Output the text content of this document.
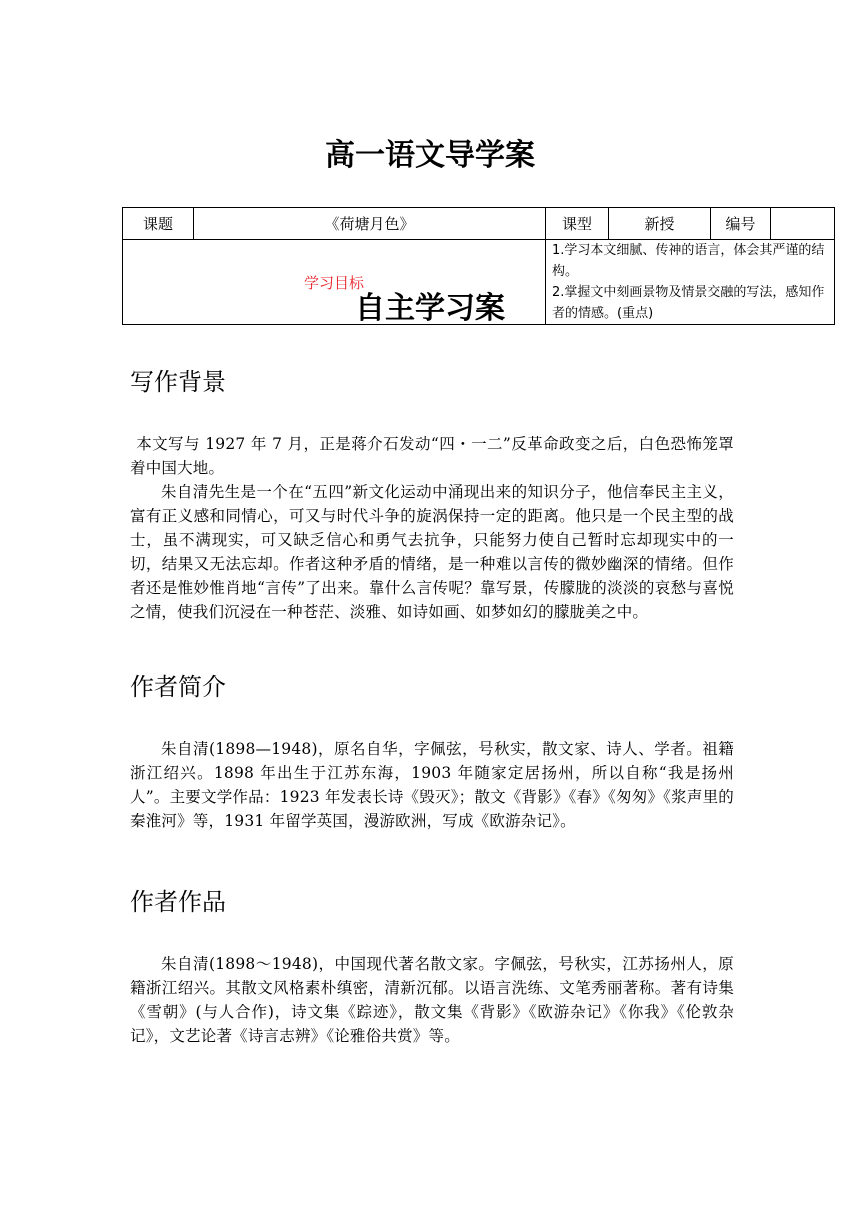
高一语文导学案
课题	《荷塘月色》	课型	新授	编号	
学习目标		1.学习本文细腻、传神的语言，体会其严谨的结构。
2.掌握文中刻画景物及情景交融的写法，感知作者的情感。(重点)			
自主学习案
写作背景

本文写与 1927 年 7 月，正是蒋介石发动“四・一二”反革命政变之后，白色恐怖笼罩着中国大地。

朱自清先生是一个在“五四”新文化运动中涌现出来的知识分子，他信奉民主主义，富有正义感和同情心，可又与时代斗争的旋涡保持一定的距离。他只是一个民主型的战士，虽不满现实，可又缺乏信心和勇气去抗争，只能努力使自己暂时忘却现实中的一切，结果又无法忘却。作者这种矛盾的情绪，是一种难以言传的微妙幽深的情绪。但作者还是惟妙惟肖地“言传”了出来。靠什么言传呢？靠写景，传朦胧的淡淡的哀愁与喜悦之情，使我们沉浸在一种苍茫、淡雅、如诗如画、如梦如幻的朦胧美之中。

作者简介

朱自清(1898—1948)，原名自华，字佩弦，号秋实，散文家、诗人、学者。祖籍浙江绍兴。1898 年出生于江苏东海，1903 年随家定居扬州，所以自称“我是扬州人”。主要文学作品：1923 年发表长诗《毁灭》；散文《背影》《春》《匆匆》《浆声里的秦淮河》等，1931 年留学英国，漫游欧洲，写成《欧游杂记》。

作者作品

朱自清(1898～1948)，中国现代著名散文家。字佩弦，号秋实，江苏扬州人，原籍浙江绍兴。其散文风格素朴缜密，清新沉郁。以语言洗练、文笔秀丽著称。著有诗集《雪朝》(与人合作)，诗文集《踪迹》，散文集《背影》《欧游杂记》《你我》《伦敦杂记》，文艺论著《诗言志辨》《论雅俗共赏》等。
